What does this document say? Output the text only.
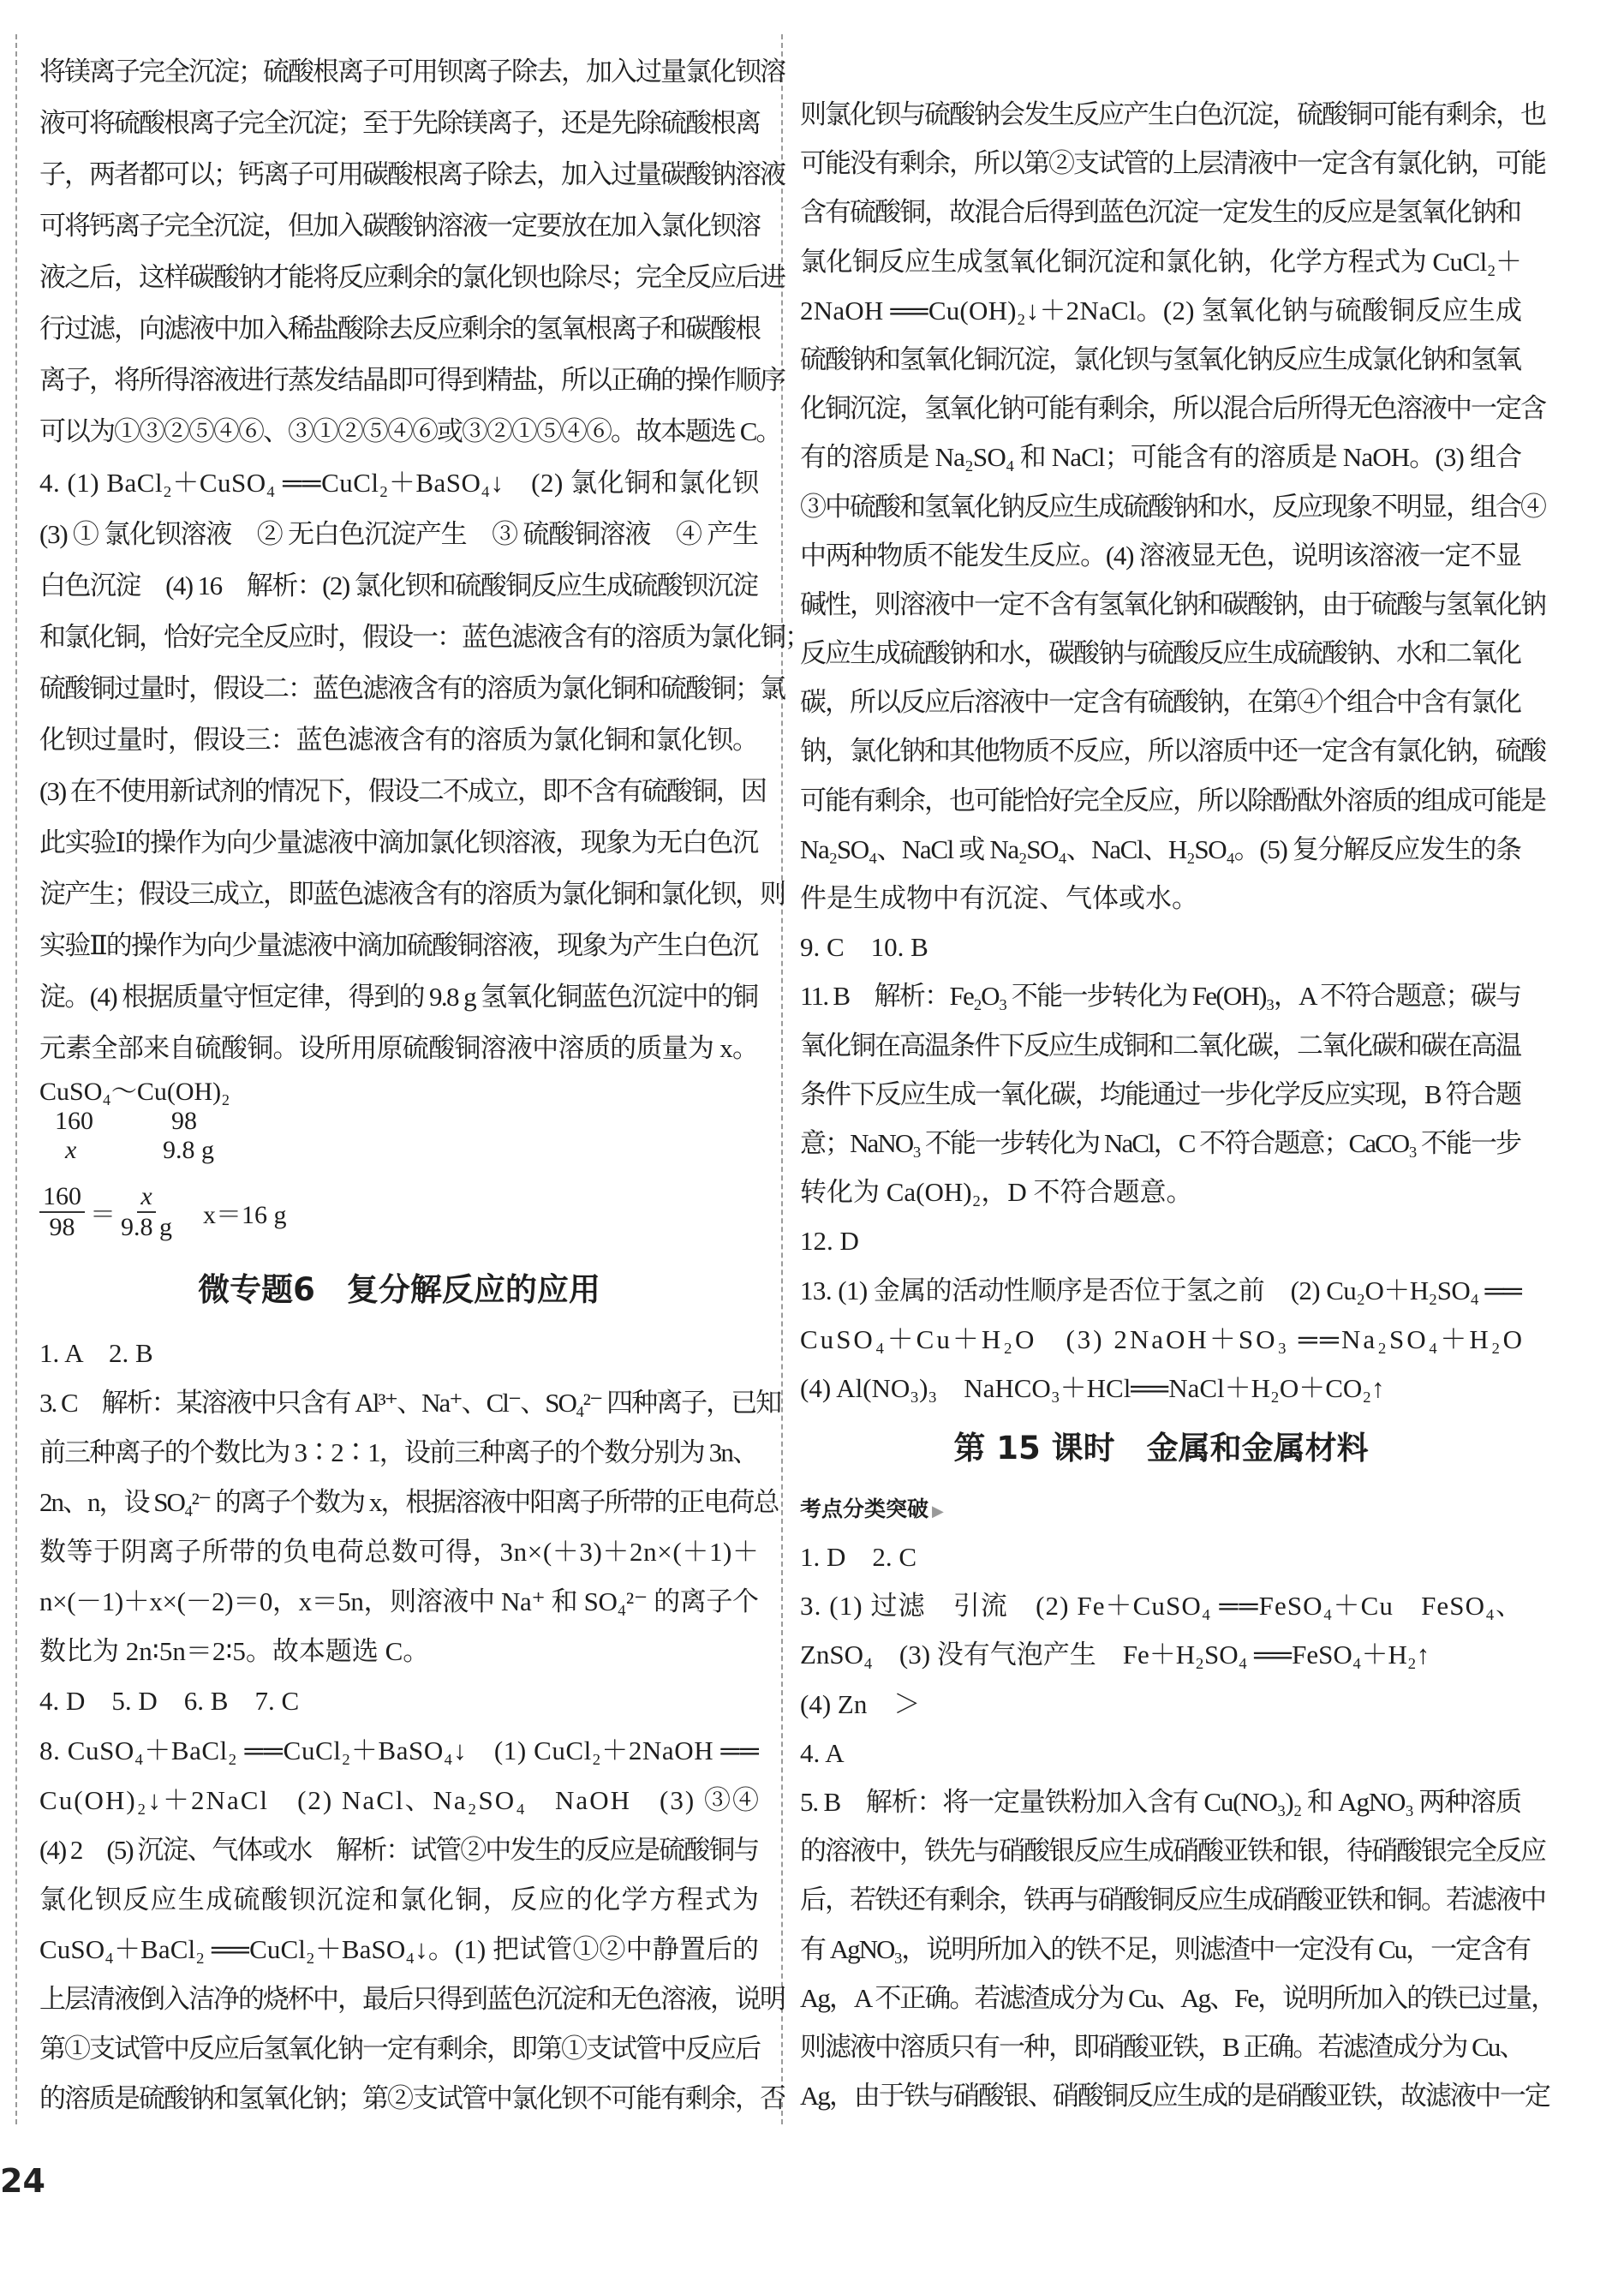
将镁离子完全沉淀；硫酸根离子可用钡离子除去，加入过量氯化钡溶
液可将硫酸根离子完全沉淀；至于先除镁离子，还是先除硫酸根离
子，两者都可以；钙离子可用碳酸根离子除去，加入过量碳酸钠溶液
可将钙离子完全沉淀，但加入碳酸钠溶液一定要放在加入氯化钡溶
液之后，这样碳酸钠才能将反应剩余的氯化钡也除尽；完全反应后进
行过滤，向滤液中加入稀盐酸除去反应剩余的氢氧根离子和碳酸根
离子，将所得溶液进行蒸发结晶即可得到精盐，所以正确的操作顺序
可以为①③②⑤④⑥、③①②⑤④⑥或③②①⑤④⑥。故本题选 C。
4. (1) BaCl₂＋CuSO₄ ══CuCl₂＋BaSO₄↓　(2) 氯化铜和氯化钡
(3) ① 氯化钡溶液　② 无白色沉淀产生　③ 硫酸铜溶液　④ 产生
白色沉淀　(4) 16　解析：(2) 氯化钡和硫酸铜反应生成硫酸钡沉淀
和氯化铜，恰好完全反应时，假设一：蓝色滤液含有的溶质为氯化铜；
硫酸铜过量时，假设二：蓝色滤液含有的溶质为氯化铜和硫酸铜；氯
化钡过量时，假设三：蓝色滤液含有的溶质为氯化铜和氯化钡。
(3) 在不使用新试剂的情况下，假设二不成立，即不含有硫酸铜，因
此实验Ⅰ的操作为向少量滤液中滴加氯化钡溶液，现象为无白色沉
淀产生；假设三成立，即蓝色滤液含有的溶质为氯化铜和氯化钡，则
实验Ⅱ的操作为向少量滤液中滴加硫酸铜溶液，现象为产生白色沉
淀。(4) 根据质量守恒定律，得到的 9.8 g 氢氧化铜蓝色沉淀中的铜
元素全部来自硫酸铜。设所用原硫酸铜溶液中溶质的质量为 x。
CuSO₄～Cu(OH)₂
160	98
x	9.8 g
$\frac{160}{98} = \frac{x}{9.8 g} x=16$ g
微专题6　复分解反应的应用
1. A　2. B
3. C　解析：某溶液中只含有 Al³⁺、Na⁺、Cl⁻、SO₄²⁻ 四种离子，已知
前三种离子的个数比为 3∶2∶1，设前三种离子的个数分别为 3n、
2n、n，设 SO₄²⁻ 的离子个数为 x，根据溶液中阳离子所带的正电荷总
数等于阴离子所带的负电荷总数可得，3n×(＋3)＋2n×(＋1)＋
n×(－1)＋x×(－2)＝0，x＝5n，则溶液中 Na⁺ 和 SO₄²⁻ 的离子个
数比为 2n∶5n＝2∶5。故本题选 C。
4. D　5. D　6. B　7. C
8. CuSO₄＋BaCl₂ ══CuCl₂＋BaSO₄↓　(1) CuCl₂＋2NaOH ══
Cu(OH)₂↓＋2NaCl　(2) NaCl、Na₂SO₄　NaOH　(3) ③④
(4) 2　(5) 沉淀、气体或水　解析：试管②中发生的反应是硫酸铜与
氯化钡反应生成硫酸钡沉淀和氯化铜，反应的化学方程式为
CuSO₄＋BaCl₂ ══CuCl₂＋BaSO₄↓。(1) 把试管①②中静置后的
上层清液倒入洁净的烧杯中，最后只得到蓝色沉淀和无色溶液，说明
第①支试管中反应后氢氧化钠一定有剩余，即第①支试管中反应后
的溶质是硫酸钠和氢氧化钠；第②支试管中氯化钡不可能有剩余，否
则氯化钡与硫酸钠会发生反应产生白色沉淀，硫酸铜可能有剩余，也
可能没有剩余，所以第②支试管的上层清液中一定含有氯化钠，可能
含有硫酸铜，故混合后得到蓝色沉淀一定发生的反应是氢氧化钠和
氯化铜反应生成氢氧化铜沉淀和氯化钠，化学方程式为 CuCl₂＋
2NaOH ══Cu(OH)₂↓＋2NaCl。(2) 氢氧化钠与硫酸铜反应生成
硫酸钠和氢氧化铜沉淀，氯化钡与氢氧化钠反应生成氯化钠和氢氧
化铜沉淀，氢氧化钠可能有剩余，所以混合后所得无色溶液中一定含
有的溶质是 Na₂SO₄ 和 NaCl；可能含有的溶质是 NaOH。(3) 组合
③中硫酸和氢氧化钠反应生成硫酸钠和水，反应现象不明显，组合④
中两种物质不能发生反应。(4) 溶液显无色，说明该溶液一定不显
碱性，则溶液中一定不含有氢氧化钠和碳酸钠，由于硫酸与氢氧化钠
反应生成硫酸钠和水，碳酸钠与硫酸反应生成硫酸钠、水和二氧化
碳，所以反应后溶液中一定含有硫酸钠，在第④个组合中含有氯化
钠，氯化钠和其他物质不反应，所以溶质中还一定含有氯化钠，硫酸
可能有剩余，也可能恰好完全反应，所以除酚酞外溶质的组成可能是
Na₂SO₄、NaCl 或 Na₂SO₄、NaCl、H₂SO₄。(5) 复分解反应发生的条
件是生成物中有沉淀、气体或水。
9. C　10. B
11. B　解析：Fe₂O₃ 不能一步转化为 Fe(OH)₃，A 不符合题意；碳与
氧化铜在高温条件下反应生成铜和二氧化碳，二氧化碳和碳在高温
条件下反应生成一氧化碳，均能通过一步化学反应实现，B 符合题
意；NaNO₃ 不能一步转化为 NaCl，C 不符合题意；CaCO₃ 不能一步
转化为 Ca(OH)₂，D 不符合题意。
12. D
13. (1) 金属的活动性顺序是否位于氢之前　(2) Cu₂O＋H₂SO₄ ══
CuSO₄＋Cu＋H₂O　(3) 2NaOH＋SO₃ ══Na₂SO₄＋H₂O
(4) Al(NO₃)₃　NaHCO₃＋HCl══NaCl＋H₂O＋CO₂↑
第 15 课时　金属和金属材料
考点分类突破 ▶
1. D　2. C
3. (1) 过滤　引流　(2) Fe＋CuSO₄ ══FeSO₄＋Cu　FeSO₄、
ZnSO₄　(3) 没有气泡产生　Fe＋H₂SO₄ ══FeSO₄＋H₂↑
(4) Zn　＞
4. A
5. B　解析：将一定量铁粉加入含有 Cu(NO₃)₂ 和 AgNO₃ 两种溶质
的溶液中，铁先与硝酸银反应生成硝酸亚铁和银，待硝酸银完全反应
后，若铁还有剩余，铁再与硝酸铜反应生成硝酸亚铁和铜。若滤液中
有 AgNO₃，说明所加入的铁不足，则滤渣中一定没有 Cu，一定含有
Ag，A 不正确。若滤渣成分为 Cu、Ag、Fe，说明所加入的铁已过量，
则滤液中溶质只有一种，即硝酸亚铁，B 正确。若滤渣成分为 Cu、
Ag，由于铁与硝酸银、硝酸铜反应生成的是硝酸亚铁，故滤液中一定
24
